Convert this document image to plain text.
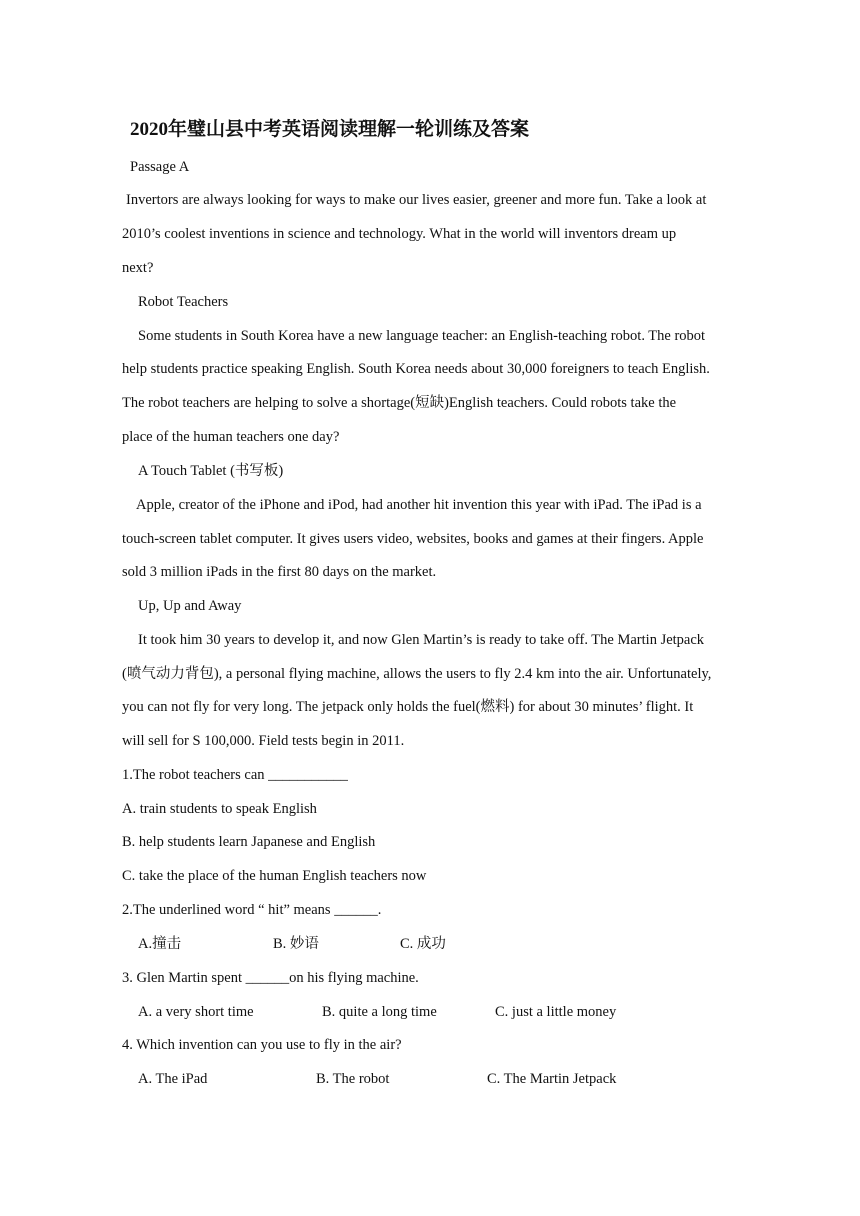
2020年璧山县中考英语阅读理解一轮训练及答案
Passage A
Invertors are always looking for ways to make our lives easier, greener and more fun. Take a look at
2010’s coolest inventions in science and technology. What in the world will inventors dream up
next?
Robot Teachers
Some students in South Korea have a new language teacher: an English-teaching robot. The robot
help students practice speaking English. South Korea needs about 30,000 foreigners to teach English.
The robot teachers are helping to solve a shortage(短缺)English teachers. Could robots take the
place of the human teachers one day?
A Touch Tablet (书写板)
Apple, creator of the iPhone and iPod, had another hit invention this year with iPad. The iPad is a
touch-screen tablet computer. It gives users video, websites, books and games at their fingers. Apple
sold 3 million iPads in the first 80 days on the market.
Up, Up and Away
It took him 30 years to develop it, and now Glen Martin’s is ready to take off. The Martin Jetpack
(喷气动力背包), a personal flying machine, allows the users to fly 2.4 km into the air. Unfortunately,
you can not fly for very long. The jetpack only holds the fuel(燃料) for about 30 minutes’ flight. It
will sell for S 100,000. Field tests begin in 2011.
1.The robot teachers can ___________
A. train students to speak English
B. help students learn Japanese and English
C. take the place of the human English teachers now
2.The underlined word “ hit” means ______.
A.撞击	B. 妙语	C. 成功
3. Glen Martin spent ______on his flying machine.
A. a very short time	B. quite a long time	C. just a little money
4. Which invention can you use to fly in the air?
A. The iPad	B. The robot	C. The Martin Jetpack
